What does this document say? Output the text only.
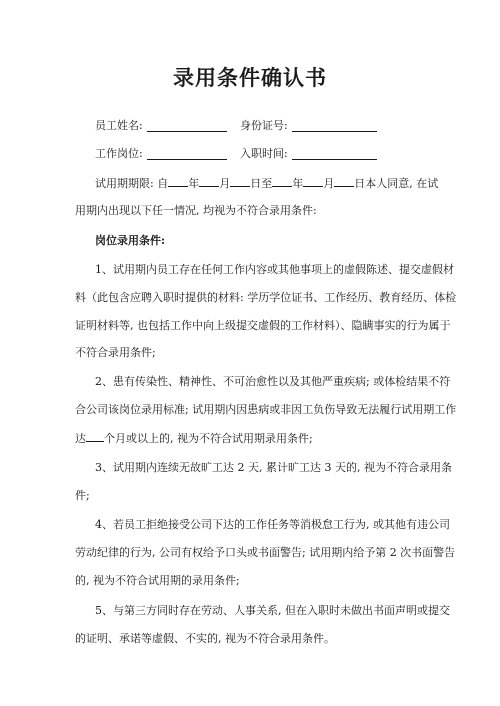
录用条件确认书
员工姓名:	身份证号:
工作岗位:	入职时间:
试用期期限: 自 年 月 日至 年 月 日本人同意, 在试
用期内出现以下任一情况, 均视为不符合录用条件:
岗位录用条件:
1、试用期内员工存在任何工作内容或其他事项上的虚假陈述、提交虚假材
料（此包含应聘入职时提供的材料: 学历学位证书、工作经历、教育经历、体检
证明材料等, 也包括工作中向上级提交虚假的工作材料）、隐瞒事实的行为属于
不符合录用条件;
2、患有传染性、精神性、不可治愈性以及其他严重疾病; 或体检结果不符
合公司该岗位录用标准; 试用期内因患病或非因工负伤导致无法履行试用期工作
达 个月或以上的, 视为不符合试用期录用条件;
3、试用期内连续无故旷工达 2 天, 累计旷工达 3 天的, 视为不符合录用条
件;
4、若员工拒绝接受公司下达的工作任务等消极怠工行为, 或其他有违公司
劳动纪律的行为, 公司有权给予口头或书面警告; 试用期内给予第 2 次书面警告
的, 视为不符合试用期的录用条件;
5、与第三方同时存在劳动、人事关系, 但在入职时未做出书面声明或提交
的证明、承诺等虚假、不实的, 视为不符合录用条件。
